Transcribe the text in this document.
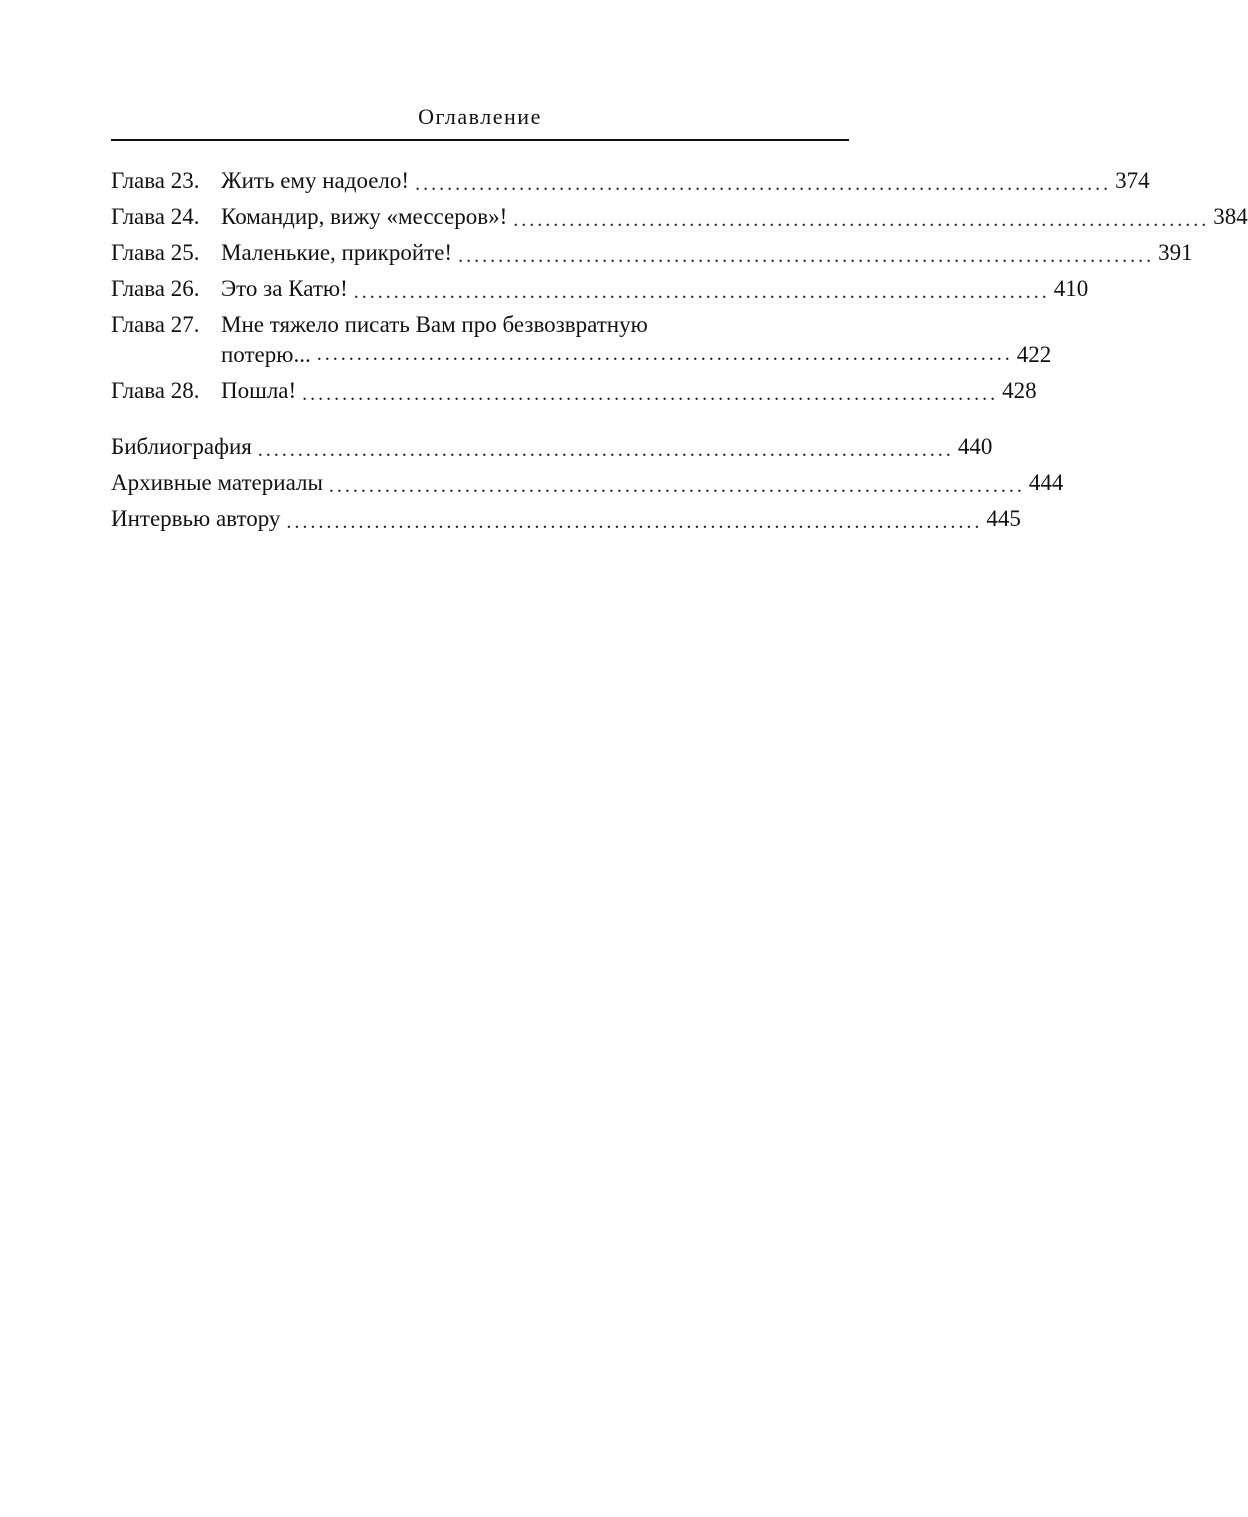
Оглавление
Глава 23. Жить ему надоело! ....................................................................................... 374
Глава 24. Командир, вижу «мессеров»! ....................................................................................... 384
Глава 25. Маленькие, прикройте! ....................................................................................... 391
Глава 26. Это за Катю! ....................................................................................... 410
Глава 27. Мне тяжело писать Вам про безвозвратную
потерю... ....................................................................................... 422
Глава 28. Пошла! ....................................................................................... 428
Библиография ....................................................................................... 440
Архивные материалы ....................................................................................... 444
Интервью автору ....................................................................................... 445
